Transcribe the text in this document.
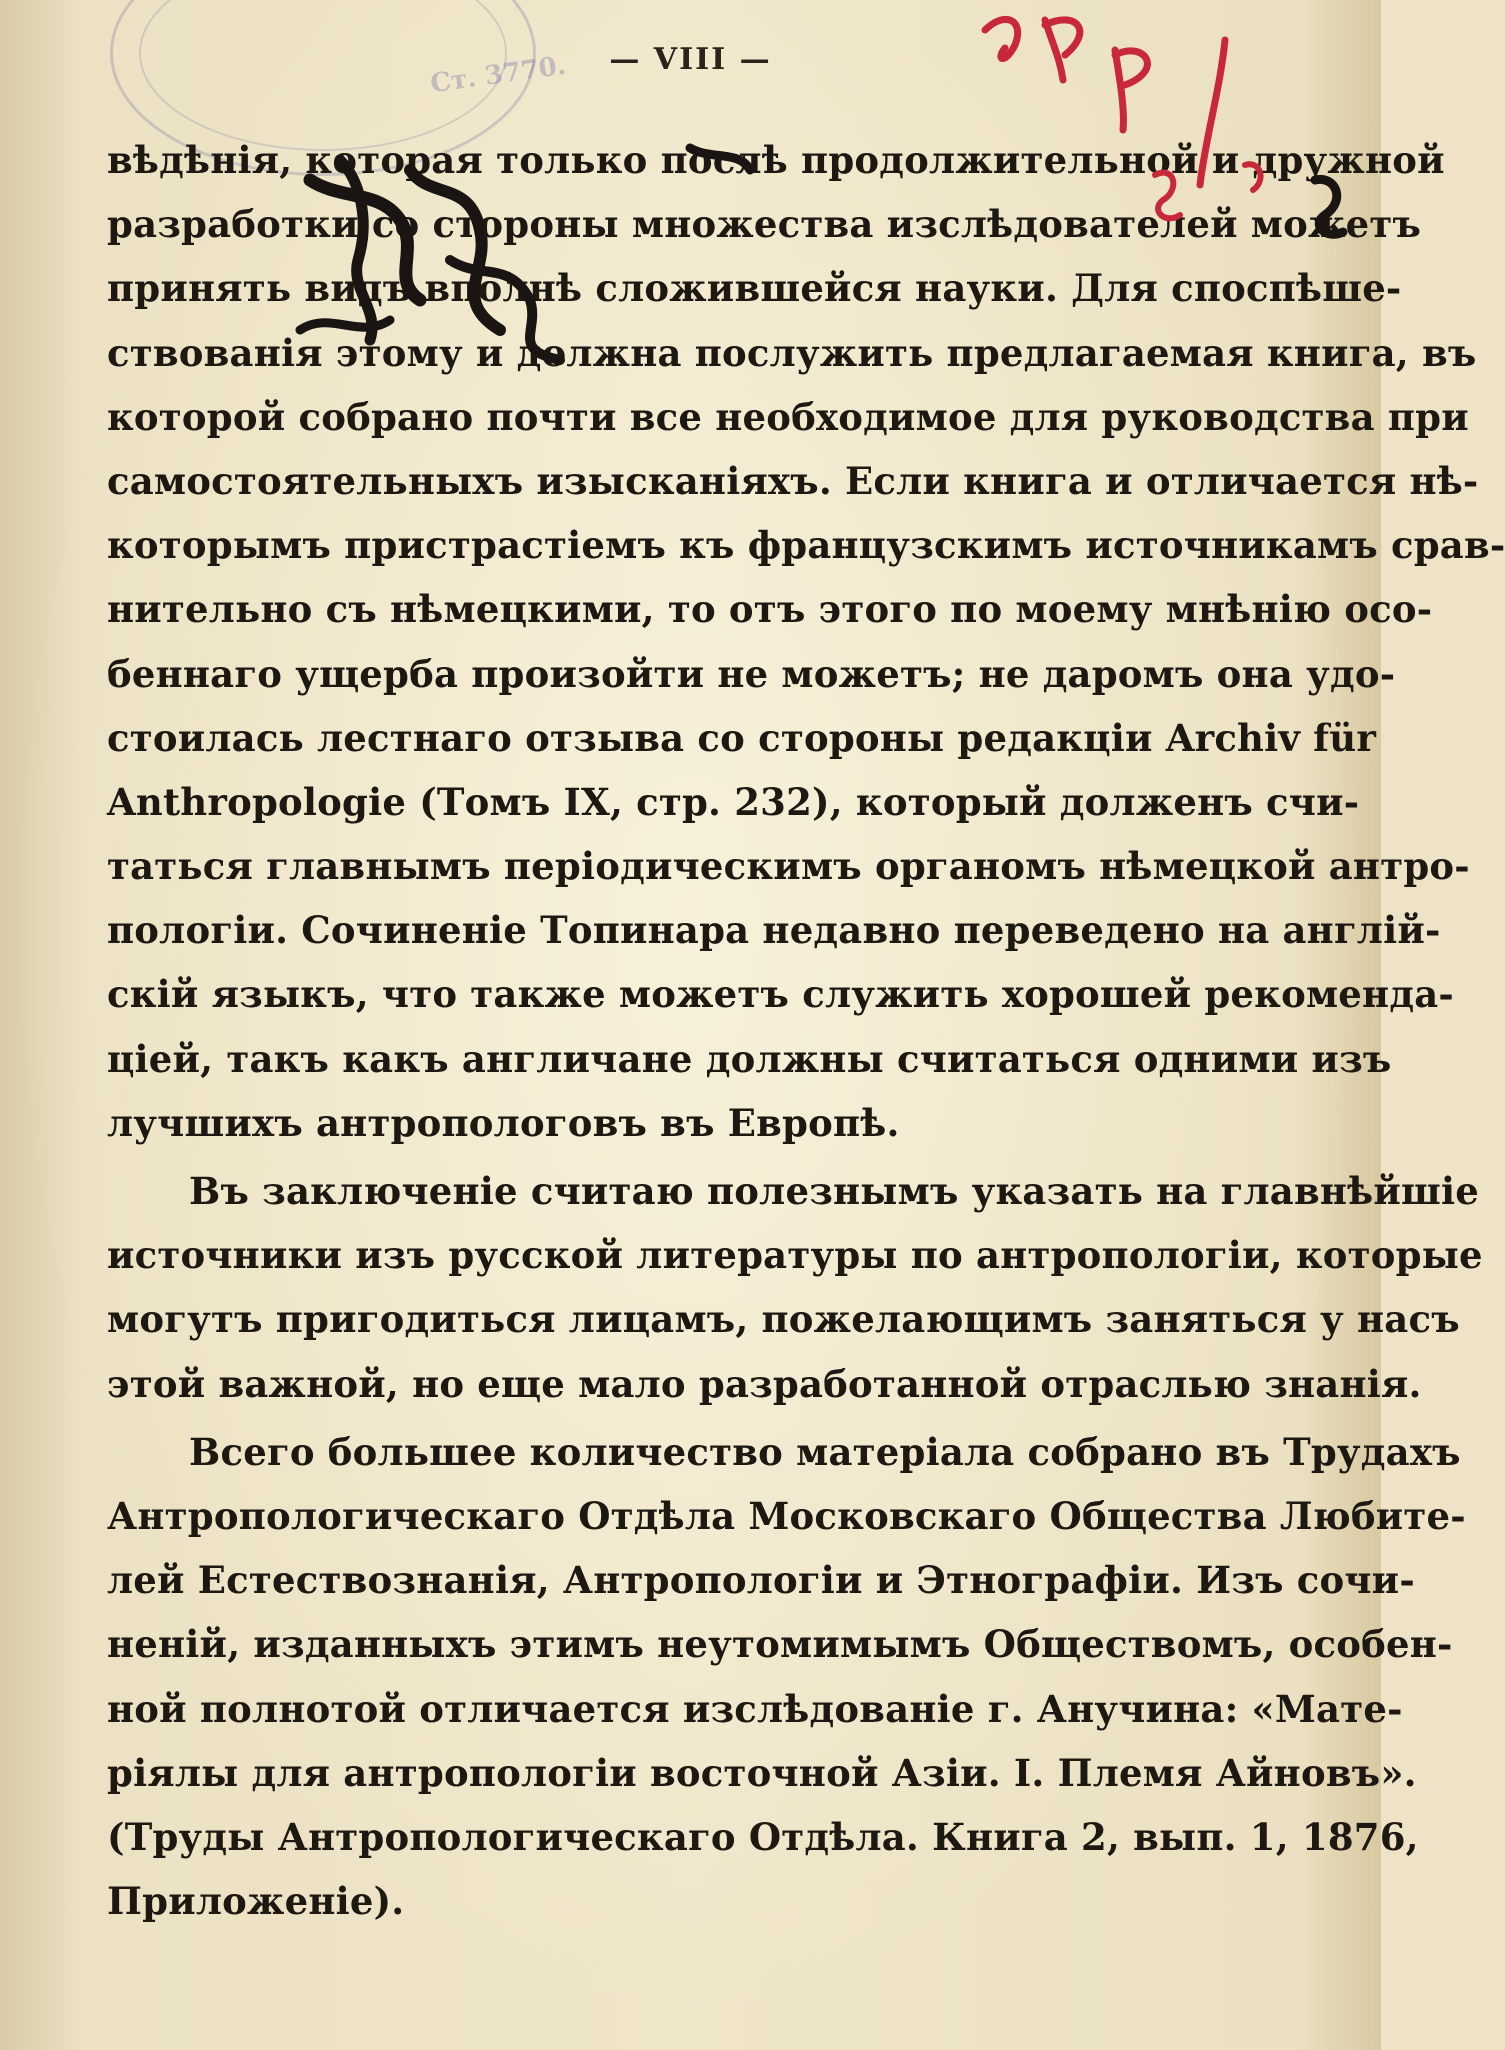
Ст. 3770.	— VIII —
вѣдѣнія, которая только послѣ продолжительной и дружной
разработки со стороны множества изслѣдователей можетъ
принять видъ вполнѣ сложившейся науки. Для споспѣше-
ствованія этому и должна послужить предлагаемая книга, въ
которой собрано почти все необходимое для руководства при
самостоятельныхъ изысканіяхъ. Если книга и отличается нѣ-
которымъ пристрастіемъ къ французскимъ источникамъ срав-
нительно съ нѣмецкими, то отъ этого по моему мнѣнію осо-
беннаго ущерба произойти не можетъ; не даромъ она удо-
стоилась лестнаго отзыва со стороны редакціи Archiv für
Anthropologie (Томъ IX, стр. 232), который долженъ счи-
таться главнымъ періодическимъ органомъ нѣмецкой антро-
пологіи. Сочиненіе Топинара недавно переведено на англій-
скій языкъ, что также можетъ служить хорошей рекоменда-
ціей, такъ какъ англичане должны считаться одними изъ
лучшихъ антропологовъ въ Европѣ.
Въ заключеніе считаю полезнымъ указать на главнѣйшіе
источники изъ русской литературы по антропологіи, которые
могутъ пригодиться лицамъ, пожелающимъ заняться у насъ
этой важной, но еще мало разработанной отраслью знанія.
Всего большее количество матеріала собрано въ Трудахъ
Антропологическаго Отдѣла Московскаго Общества Любите-
лей Естествознанія, Антропологіи и Этнографіи. Изъ сочи-
неній, изданныхъ этимъ неутомимымъ Обществомъ, особен-
ной полнотой отличается изслѣдованіе г. Анучина: «Мате-
ріялы для антропологіи восточной Азіи. I. Племя Айновъ».
(Труды Антропологическаго Отдѣла. Книга 2, вып. 1, 1876,
Приложеніе).
